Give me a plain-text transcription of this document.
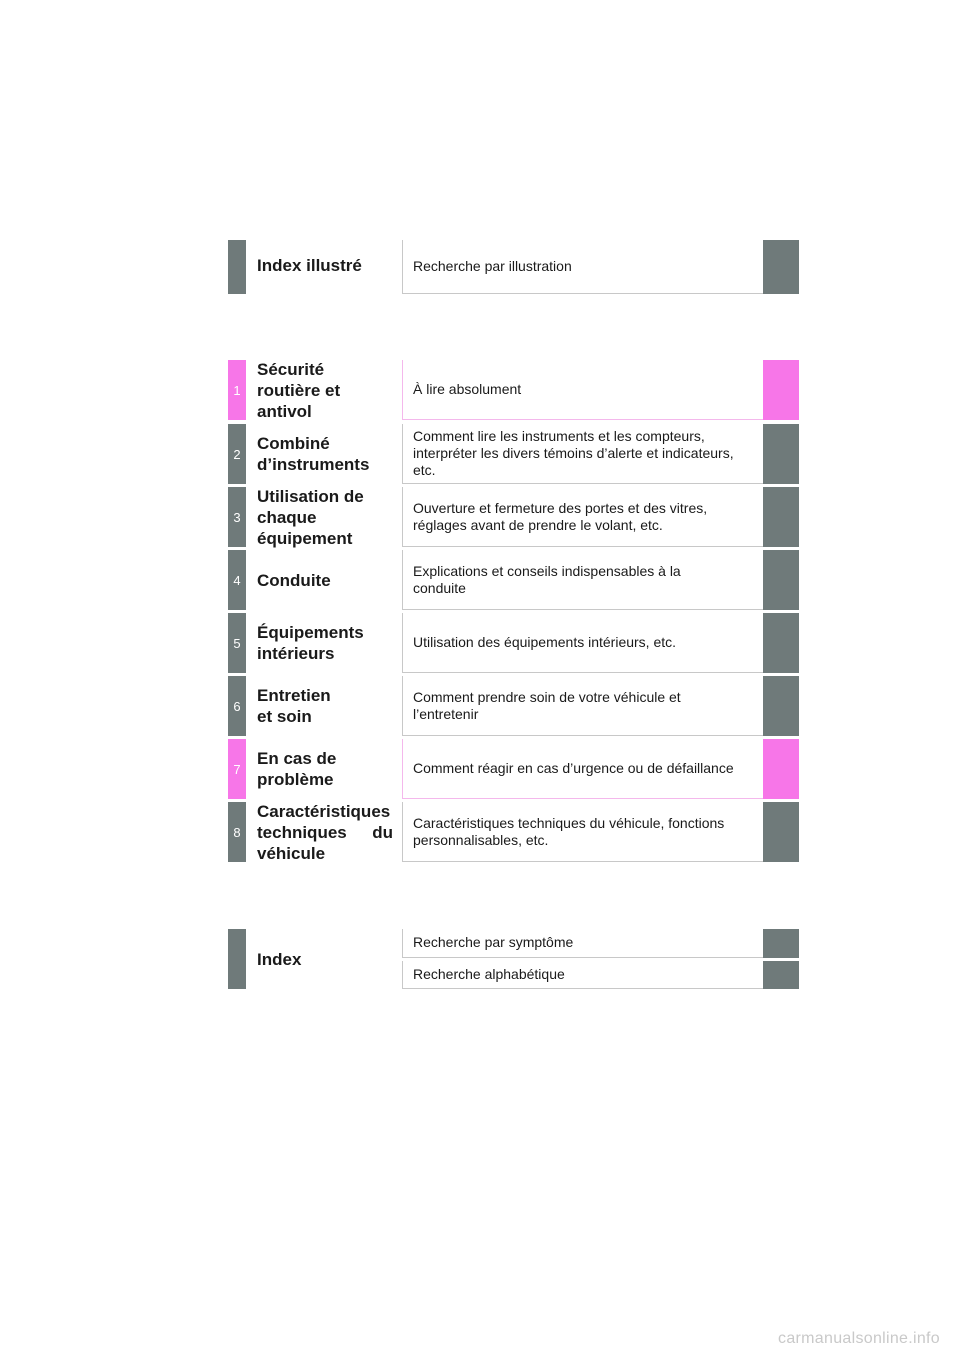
Index illustré	Recherche par illustration
1
Sécurité
routière et
antivol
À lire absolument
2
Combiné
d’instruments
Comment lire les instruments et les compteurs,
interpréter les divers témoins d’alerte et indicateurs,
etc.
3
Utilisation de
chaque
équipement
Ouverture et fermeture des portes et des vitres,
réglages avant de prendre le volant, etc.
4 Conduite	Explications et conseils indispensables à la
conduite
5
Équipements
intérieurs
Utilisation des équipements intérieurs, etc.
6
Entretien
et soin
Comment prendre soin de votre véhicule et
l’entretenir
7
En cas de
problème
Comment réagir en cas d’urgence ou de défaillance
8
Caractéristiques

techniques du
véhicule
Caractéristiques techniques du véhicule, fonctions
personnalisables, etc.
Index
Recherche par symptôme
Recherche alphabétique
carmanualsonline.info
